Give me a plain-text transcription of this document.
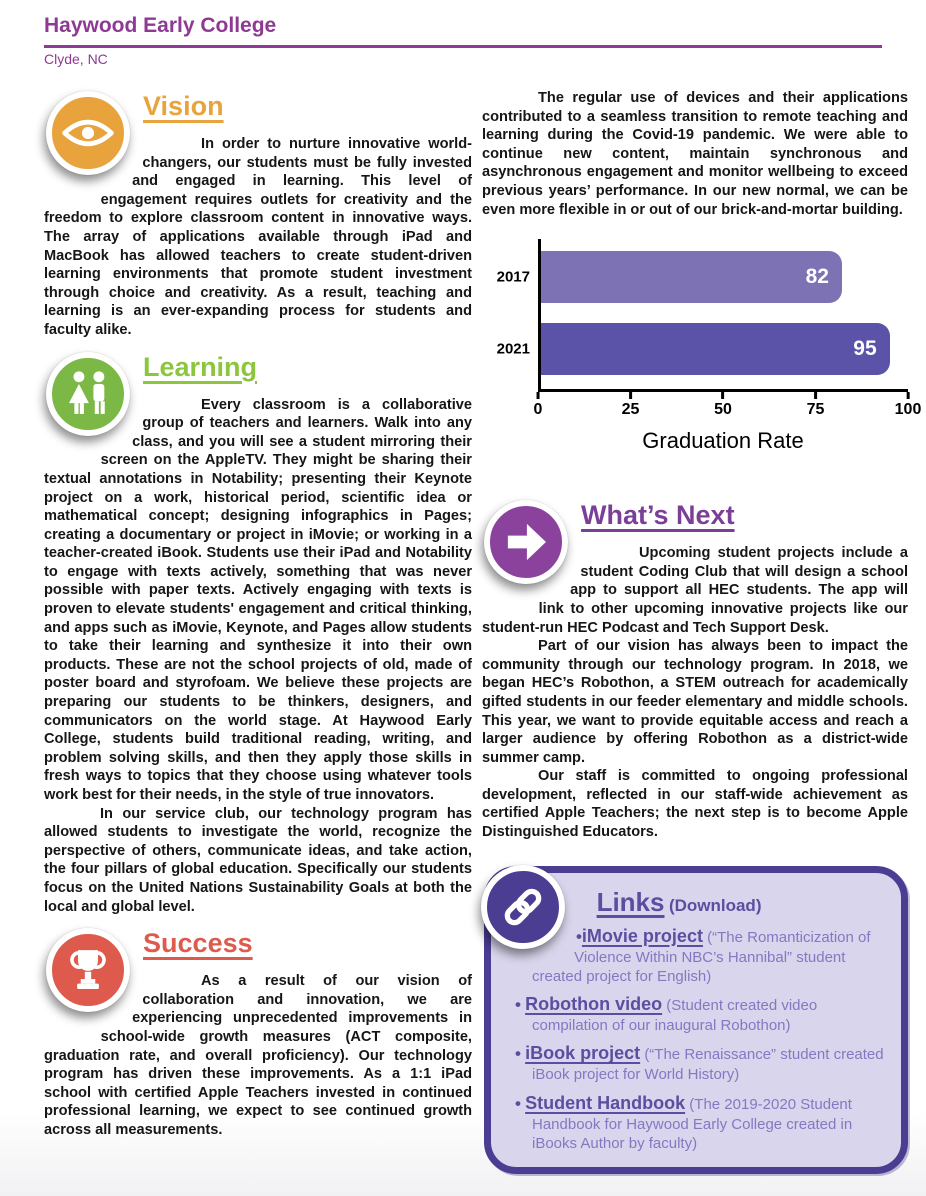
Haywood Early College
Clyde, NC
Vision

In order to nurture innovative world-changers, our students must be fully invested and engaged in learning. This level of engagement requires outlets for creativity and the freedom to explore classroom content in innovative ways. The array of applications available through iPad and MacBook has allowed teachers to create student-driven learning environments that promote student investment through choice and creativity. As a result, teaching and learning is an ever-expanding process for students and faculty alike.

Learning

Every classroom is a collaborative group of teachers and learners. Walk into any class, and you will see a student mirroring their screen on the AppleTV. They might be sharing their textual annotations in Notability; presenting their Keynote project on a work, historical period, scientific idea or mathematical concept; designing infographics in Pages; creating a documentary or project in iMovie; or working in a teacher-created iBook. Students use their iPad and Notability to engage with texts actively, something that was never possible with paper texts. Actively engaging with texts is proven to elevate students' engagement and critical thinking, and apps such as iMovie, Keynote, and Pages allow students to take their learning and synthesize it into their own products. These are not the school projects of old, made of poster board and styrofoam. We believe these projects are preparing our students to be thinkers, designers, and communicators on the world stage. At Haywood Early College, students build traditional reading, writing, and problem solving skills, and then they apply those skills in fresh ways to topics that they choose using whatever tools work best for their needs, in the style of true innovators.

In our service club, our technology program has allowed students to investigate the world, recognize the perspective of others, communicate ideas, and take action, the four pillars of global education. Specifically our students focus on the United Nations Sustainability Goals at both the local and global level.

Success

As a result of our vision of collaboration and innovation, we are experiencing unprecedented improvements in school-wide growth measures (ACT composite, graduation rate, and overall proficiency). Our technology program has driven these improvements. As a 1:1 iPad school with certified Apple Teachers invested in continued professional learning, we expect to see continued growth across all measurements.

The regular use of devices and their applications contributed to a seamless transition to remote teaching and learning during the Covid-19 pandemic. We were able to continue new content, maintain synchronous and asynchronous engagement and monitor wellbeing to exceed previous years’ performance. In our new normal, we can be even more flexible in or out of our brick-and-mortar building.

2017	82
2021	95
0	25	50	75	100
Graduation Rate
What’s Next

Upcoming student projects include a student Coding Club that will design a school app to support all HEC students. The app will link to other upcoming innovative projects like our student-run HEC Podcast and Tech Support Desk.

Part of our vision has always been to impact the community through our technology program. In 2018, we began HEC’s Robothon, a STEM outreach for academically gifted students in our feeder elementary and middle schools. This year, we want to provide equitable access and reach a larger audience by offering Robothon as a district-wide summer camp.

Our staff is committed to ongoing professional development, reflected in our staff-wide achievement as certified Apple Teachers; the next step is to become Apple Distinguished Educators.

Links (Download)
•iMovie project (“The Romanticization of Violence Within NBC’s Hannibal” student created project for English)
• Robothon video (Student created video compilation of our inaugural Robothon)
• iBook project (“The Renaissance” student created iBook project for World History)
• Student Handbook (The 2019-2020 Student Handbook for Haywood Early College created in iBooks Author by faculty)
